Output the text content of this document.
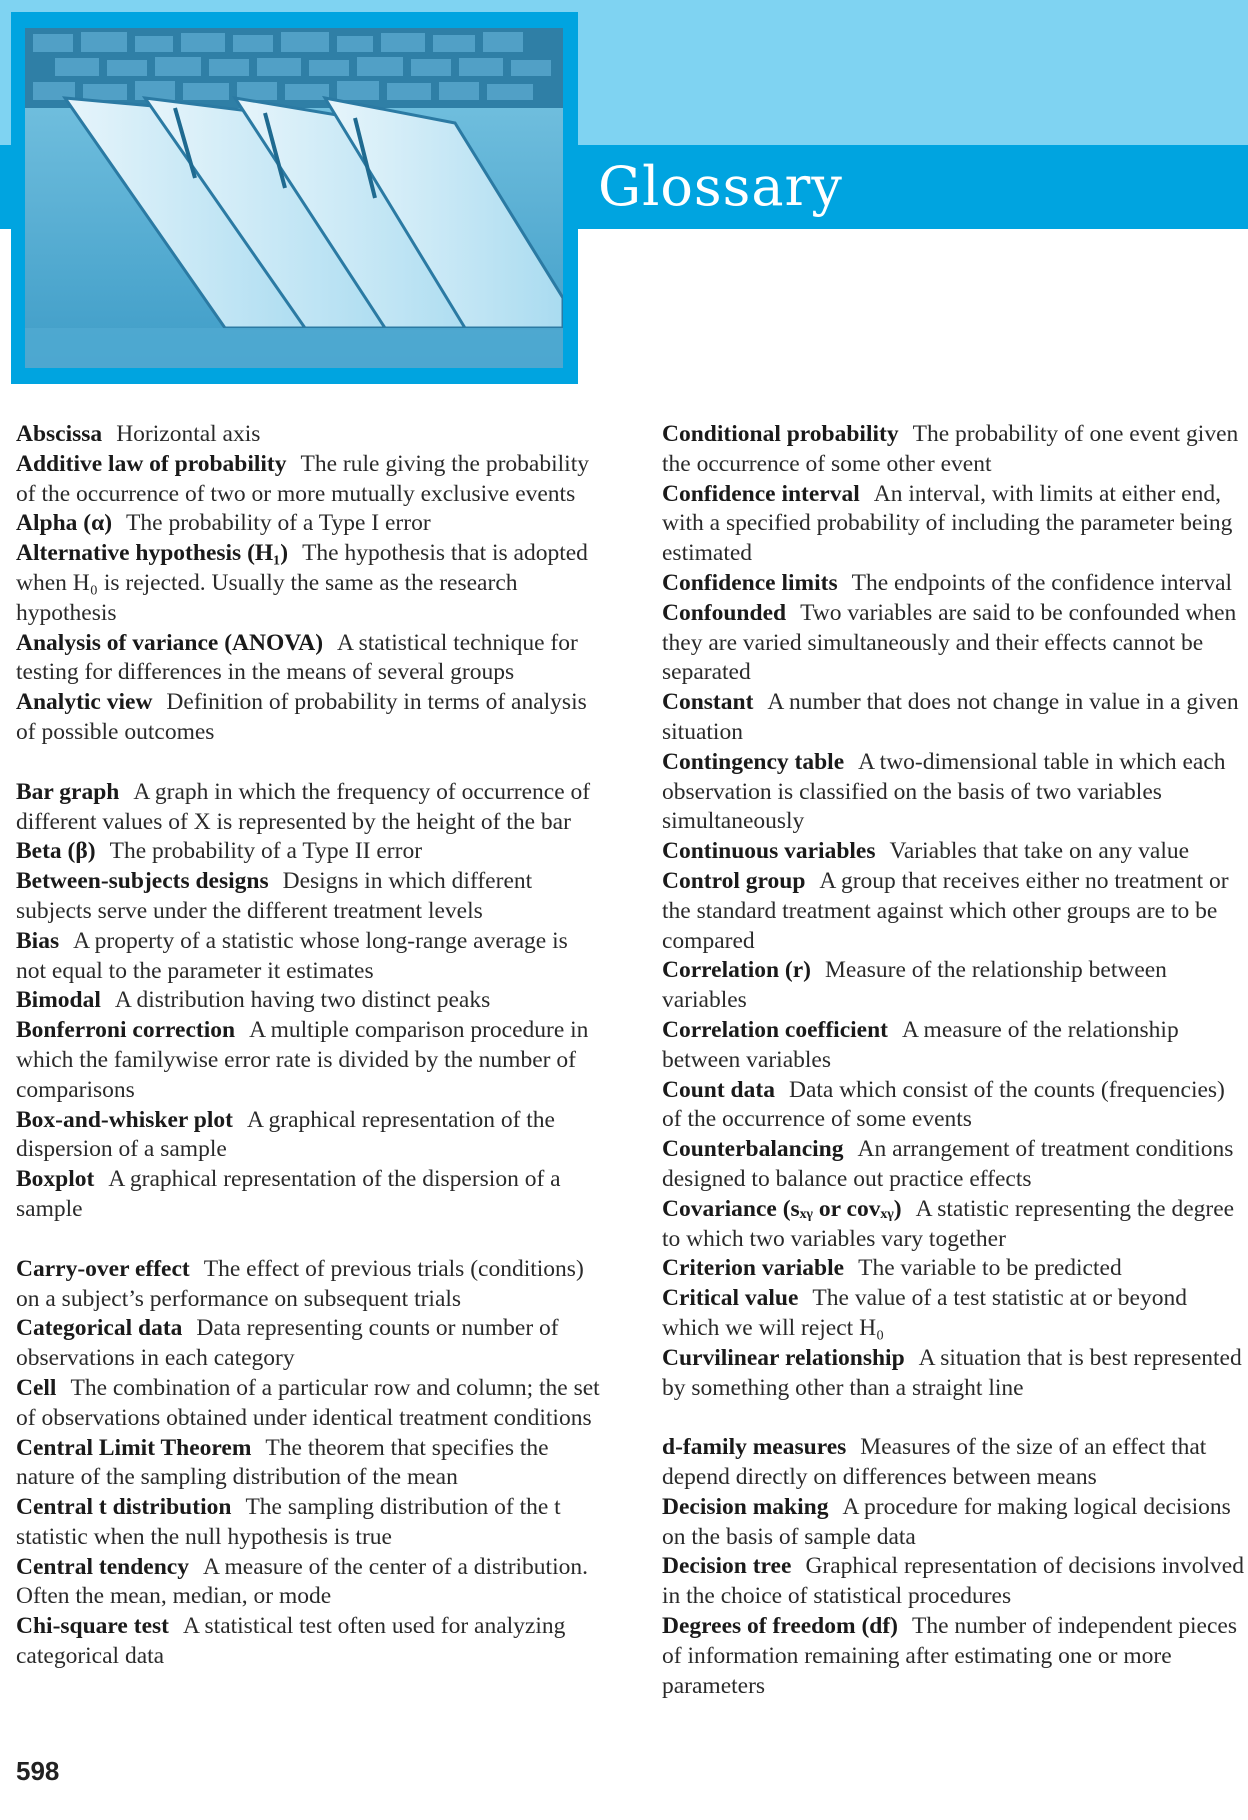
Glossary

Abscissa Horizontal axis

Additive law of probability The rule giving the probability of the occurrence of two or more mutually exclusive events

Alpha (α) The probability of a Type I error

Alternative hypothesis (H₁) The hypothesis that is adopted when H₀ is rejected. Usually the same as the research hypothesis

Analysis of variance (ANOVA) A statistical technique for testing for differences in the means of several groups

Analytic view Definition of probability in terms of analysis of possible outcomes

Bar graph A graph in which the frequency of occurrence of different values of X is represented by the height of the bar

Beta (β) The probability of a Type II error

Between-subjects designs Designs in which different subjects serve under the different treatment levels

Bias A property of a statistic whose long-range average is not equal to the parameter it estimates

Bimodal A distribution having two distinct peaks

Bonferroni correction A multiple comparison procedure in which the familywise error rate is divided by the number of comparisons

Box-and-whisker plot A graphical representation of the dispersion of a sample

Boxplot A graphical representation of the dispersion of a sample

Carry-over effect The effect of previous trials (conditions) on a subject’s performance on subsequent trials

Categorical data Data representing counts or number of observations in each category

Cell The combination of a particular row and column; the set of observations obtained under identical treatment conditions

Central Limit Theorem The theorem that specifies the nature of the sampling distribution of the mean

Central t distribution The sampling distribution of the t statistic when the null hypothesis is true

Central tendency A measure of the center of a distribution. Often the mean, median, or mode

Chi-square test A statistical test often used for analyzing categorical data

Conditional probability The probability of one event given the occurrence of some other event

Confidence interval An interval, with limits at either end, with a specified probability of including the parameter being estimated

Confidence limits The endpoints of the confidence interval

Confounded Two variables are said to be confounded when they are varied simultaneously and their effects cannot be separated

Constant A number that does not change in value in a given situation

Contingency table A two-dimensional table in which each observation is classified on the basis of two variables simultaneously

Continuous variables Variables that take on any value

Control group A group that receives either no treatment or the standard treatment against which other groups are to be compared

Correlation (r) Measure of the relationship between variables

Correlation coefficient A measure of the relationship between variables

Count data Data which consist of the counts (frequencies) of the occurrence of some events

Counterbalancing An arrangement of treatment conditions designed to balance out practice effects

Covariance (sₓᵧ or covₓᵧ) A statistic representing the degree to which two variables vary together

Criterion variable The variable to be predicted

Critical value The value of a test statistic at or beyond which we will reject H₀

Curvilinear relationship A situation that is best represented by something other than a straight line

d-family measures Measures of the size of an effect that depend directly on differences between means

Decision making A procedure for making logical decisions on the basis of sample data

Decision tree Graphical representation of decisions involved in the choice of statistical procedures

Degrees of freedom (df) The number of independent pieces of information remaining after estimating one or more parameters

598
